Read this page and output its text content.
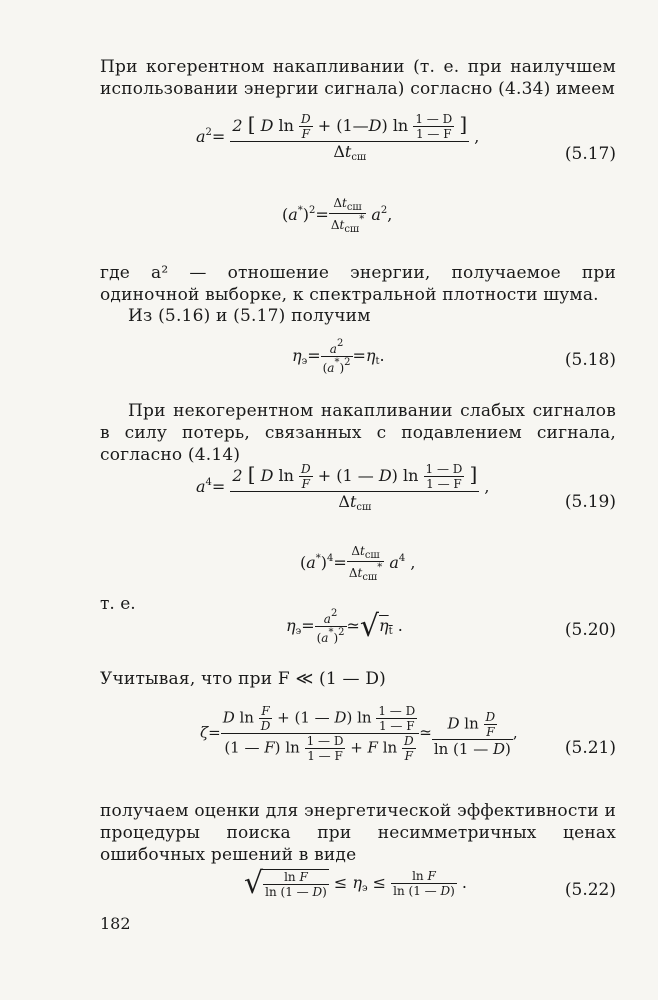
При когерентном накапливании (т. е. при наилучшем использовании энергии сигнала) согласно (4.34) имеем
$a^2= \frac{2 [ D \ln \frac{D}{F} + (1—D) \ln \frac{1 — D}{1 — F} ]}{\overline{\Delta}t_{сш}}$ ,
(5.17)
$(a^*)^2= \frac{\Delta t_{сш}}{\Delta t_{сш}^*} a^2$,
где a² — отношение энергии, получаемое при одиночной выборке, к спектральной плотности шума.
Из (5.16) и (5.17) получим
$\eta_э= \frac{a^2}{(a^*)^2} =\eta_t$.	(5.18)
При некогерентном накапливании слабых сигналов в силу потерь, связанных с подавлением сигнала, согласно (4.14)
$a^4= \frac{2 [ D \ln \frac{D}{F} + (1 — D) \ln \frac{1 — D}{1 — F} ]}{\overline{\Delta}t_{сш}}$ ,
(5.19)
$(a^*)^4= \frac{\Delta t_{сш}}{\Delta t_{сш}^*} a^4$ ,
т. е.
$\eta_э= \frac{a^2}{(a^*)^2}$ $≃√\eta_t$ .	(5.20)
Учитывая, что при F ≪ (1 — D)
$\zeta= \frac{D \ln \frac{F}{D} + (1 — D) \ln \frac{1 — D}{1 — F}}{(1 — F) \ln \frac{1 — D}{1 — F} + F \ln \frac{D}{F}}$ ≃ $\frac{D \ln \frac{D}{F}}{\ln (1 — D)}$ ,
(5.21)
получаем оценки для энергетической эффективности и процедуры поиска при несимметричных ценах ошибочных решений в виде
√ $\frac{\text{ln F}}{\ln (1 — D)} \le \eta_э \le \frac{\text{ln F}}{\ln (1 — D)}$ .	(5.22)
182
